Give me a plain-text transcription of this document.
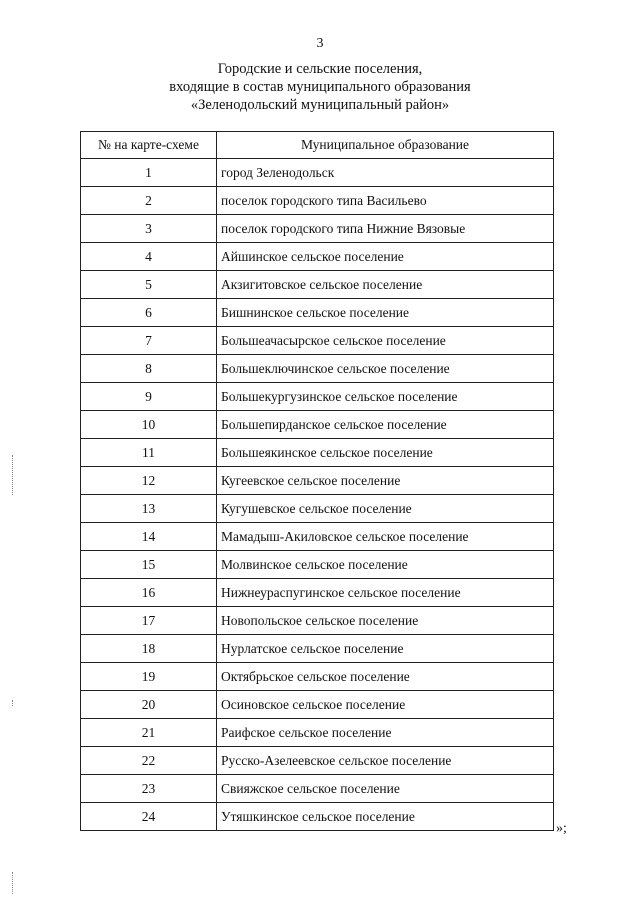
3
Городские и сельские поселения,
входящие в состав муниципального образования
«Зеленодольский муниципальный район»
№ на карте-схеме	Муниципальное образование
1	город Зеленодольск
2	поселок городского типа Васильево
3	поселок городского типа Нижние Вязовые
4	Айшинское сельское поселение
5	Акзигитовское сельское поселение
6	Бишнинское сельское поселение
7	Большеачасырское сельское поселение
8	Большеключинское сельское поселение
9	Большекургузинское сельское поселение
10	Большепирданское сельское поселение
11	Большеякинское сельское поселение
12	Кугеевское сельское поселение
13	Кугушевское сельское поселение
14	Мамадыш-Акиловское сельское поселение
15	Молвинское сельское поселение
16	Нижнеураспугинское сельское поселение
17	Новопольское сельское поселение
18	Нурлатское сельское поселение
19	Октябрьское сельское поселение
20	Осиновское сельское поселение
21	Раифское сельское поселение
22	Русско-Азелеевское сельское поселение
23	Свияжское сельское поселение
24	Утяшкинское сельское поселение
»;
